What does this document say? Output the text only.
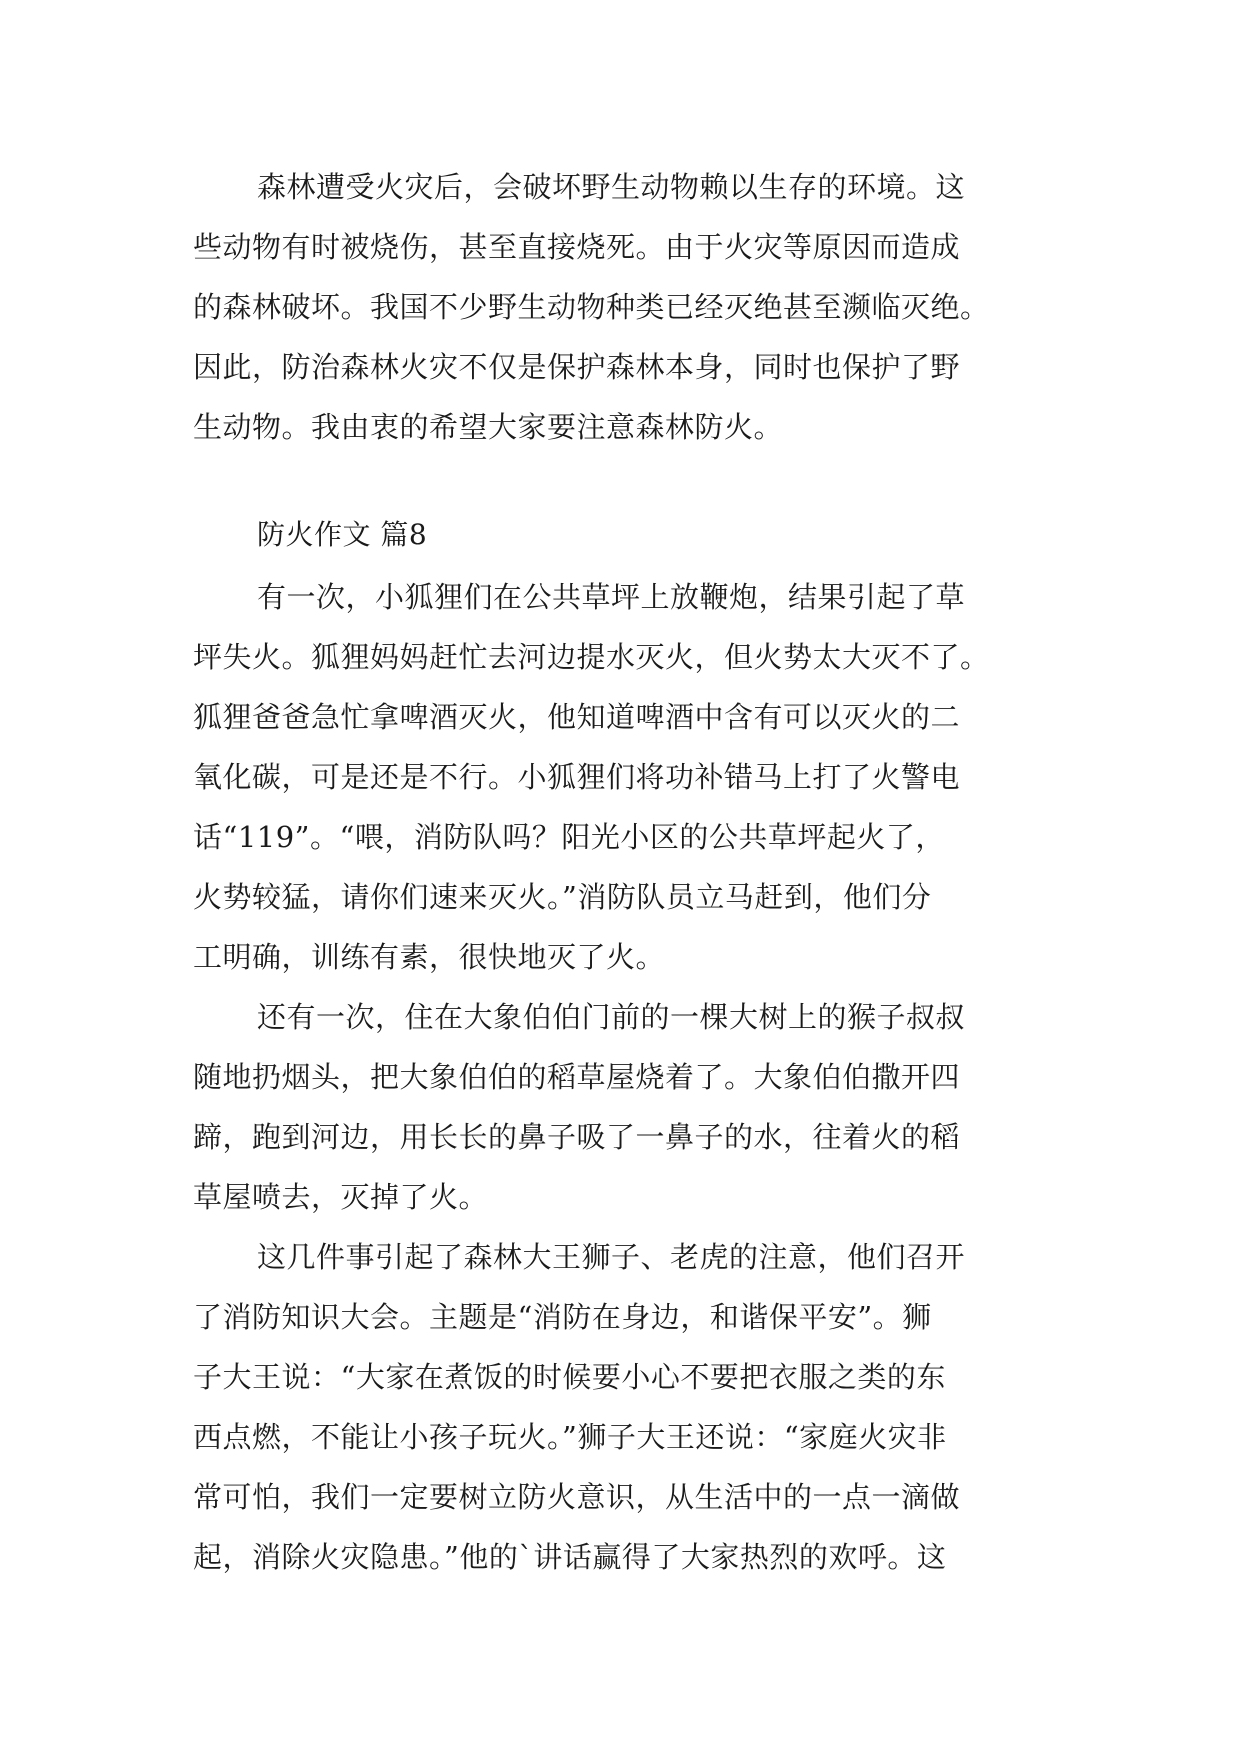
森林遭受火灾后，会破坏野生动物赖以生存的环境。这
些动物有时被烧伤，甚至直接烧死。由于火灾等原因而造成
的森林破坏。我国不少野生动物种类已经灭绝甚至濒临灭绝。
因此，防治森林火灾不仅是保护森林本身，同时也保护了野
生动物。我由衷的希望大家要注意森林防火。
防火作文 篇8
有一次，小狐狸们在公共草坪上放鞭炮，结果引起了草
坪失火。狐狸妈妈赶忙去河边提水灭火，但火势太大灭不了。
狐狸爸爸急忙拿啤酒灭火，他知道啤酒中含有可以灭火的二
氧化碳，可是还是不行。小狐狸们将功补错马上打了火警电
话“119”。“喂，消防队吗？阳光小区的公共草坪起火了，
火势较猛，请你们速来灭火。”消防队员立马赶到，他们分
工明确，训练有素，很快地灭了火。
还有一次，住在大象伯伯门前的一棵大树上的猴子叔叔
随地扔烟头，把大象伯伯的稻草屋烧着了。大象伯伯撒开四
蹄，跑到河边，用长长的鼻子吸了一鼻子的水，往着火的稻
草屋喷去，灭掉了火。
这几件事引起了森林大王狮子、老虎的注意，他们召开
了消防知识大会。主题是“消防在身边，和谐保平安”。狮
子大王说：“大家在煮饭的时候要小心不要把衣服之类的东
西点燃，不能让小孩子玩火。”狮子大王还说：“家庭火灾非
常可怕，我们一定要树立防火意识，从生活中的一点一滴做
起，消除火灾隐患。”他的`讲话赢得了大家热烈的欢呼。这
